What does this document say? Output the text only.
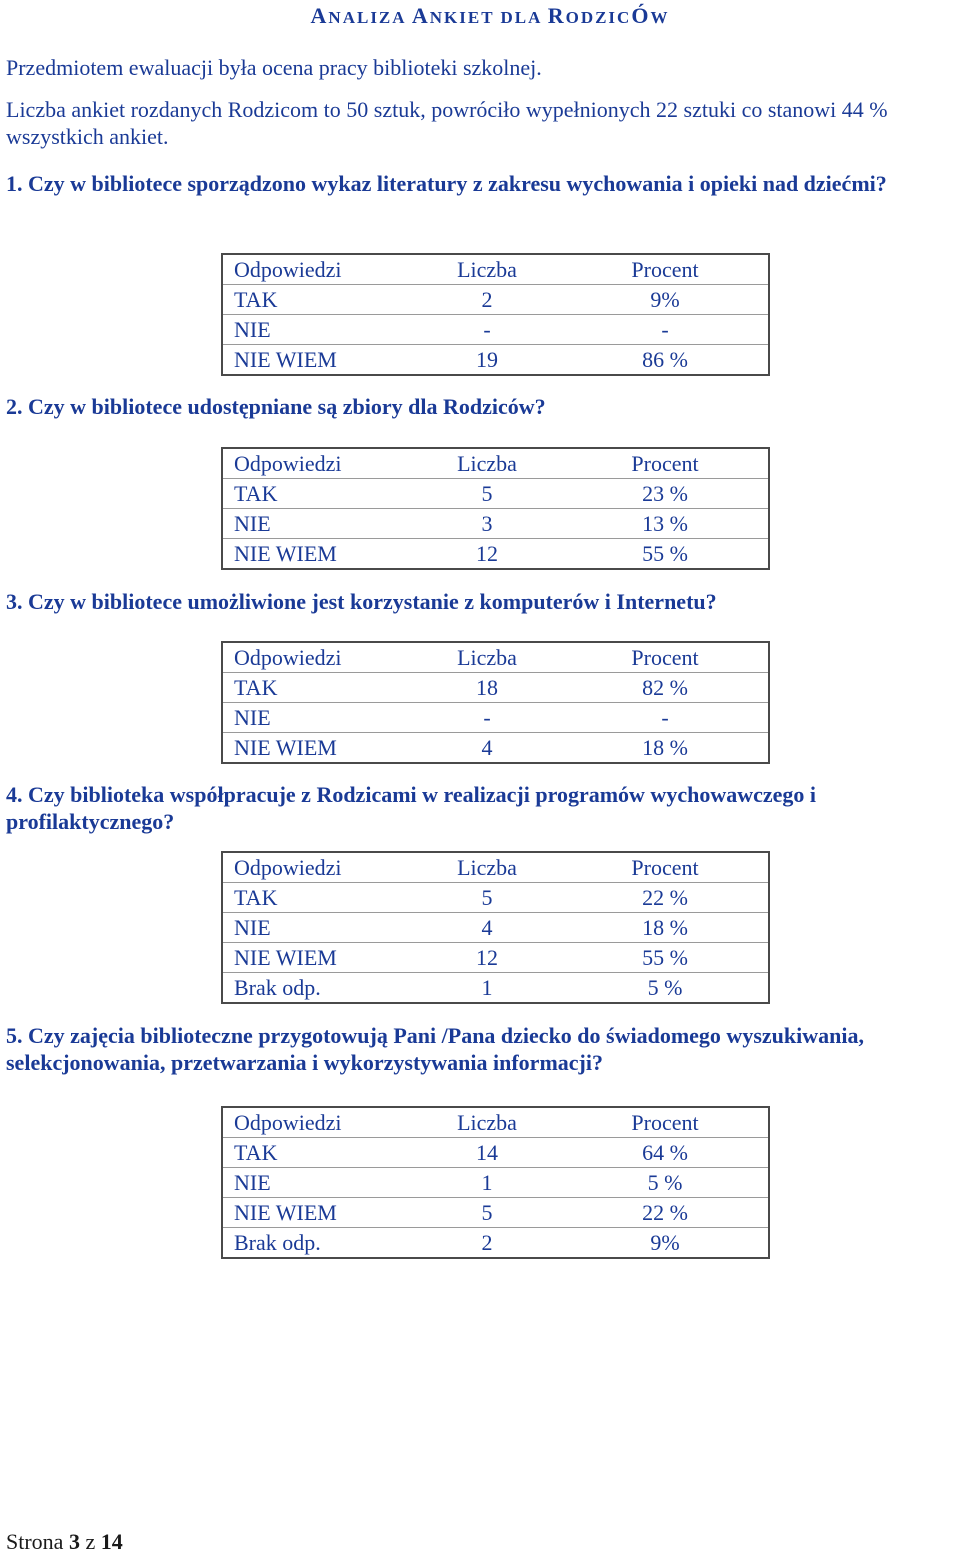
ANALIZA ANKIET DLA RODZICÓW

Przedmiotem ewaluacji była ocena pracy biblioteki szkolnej.

Liczba ankiet rozdanych Rodzicom to 50 sztuk, powróciło wypełnionych 22 sztuki co stanowi 44 % wszystkich ankiet.

1. Czy w bibliotece sporządzono wykaz literatury z zakresu wychowania i opieki nad dziećmi?

Odpowiedzi	Liczba	Procent
TAK	2	9%
NIE	-	-
NIE WIEM	19	86 %

2. Czy w bibliotece udostępniane są zbiory dla Rodziców?

Odpowiedzi	Liczba	Procent
TAK	5	23 %
NIE	3	13 %
NIE WIEM	12	55 %

3. Czy w bibliotece umożliwione jest korzystanie z komputerów i Internetu?

Odpowiedzi	Liczba	Procent
TAK	18	82 %
NIE	-	-
NIE WIEM	4	18 %

4. Czy biblioteka współpracuje z Rodzicami w realizacji programów wychowawczego i profilaktycznego?

Odpowiedzi	Liczba	Procent
TAK	5	22 %
NIE	4	18 %
NIE WIEM	12	55 %
Brak odp.	1	5 %

5. Czy zajęcia biblioteczne przygotowują Pani /Pana dziecko do świadomego wyszukiwania, selekcjonowania, przetwarzania i wykorzystywania informacji?

Odpowiedzi	Liczba	Procent
TAK	14	64 %
NIE	1	5 %
NIE WIEM	5	22 %
Brak odp.	2	9%
Strona 3 z 14
